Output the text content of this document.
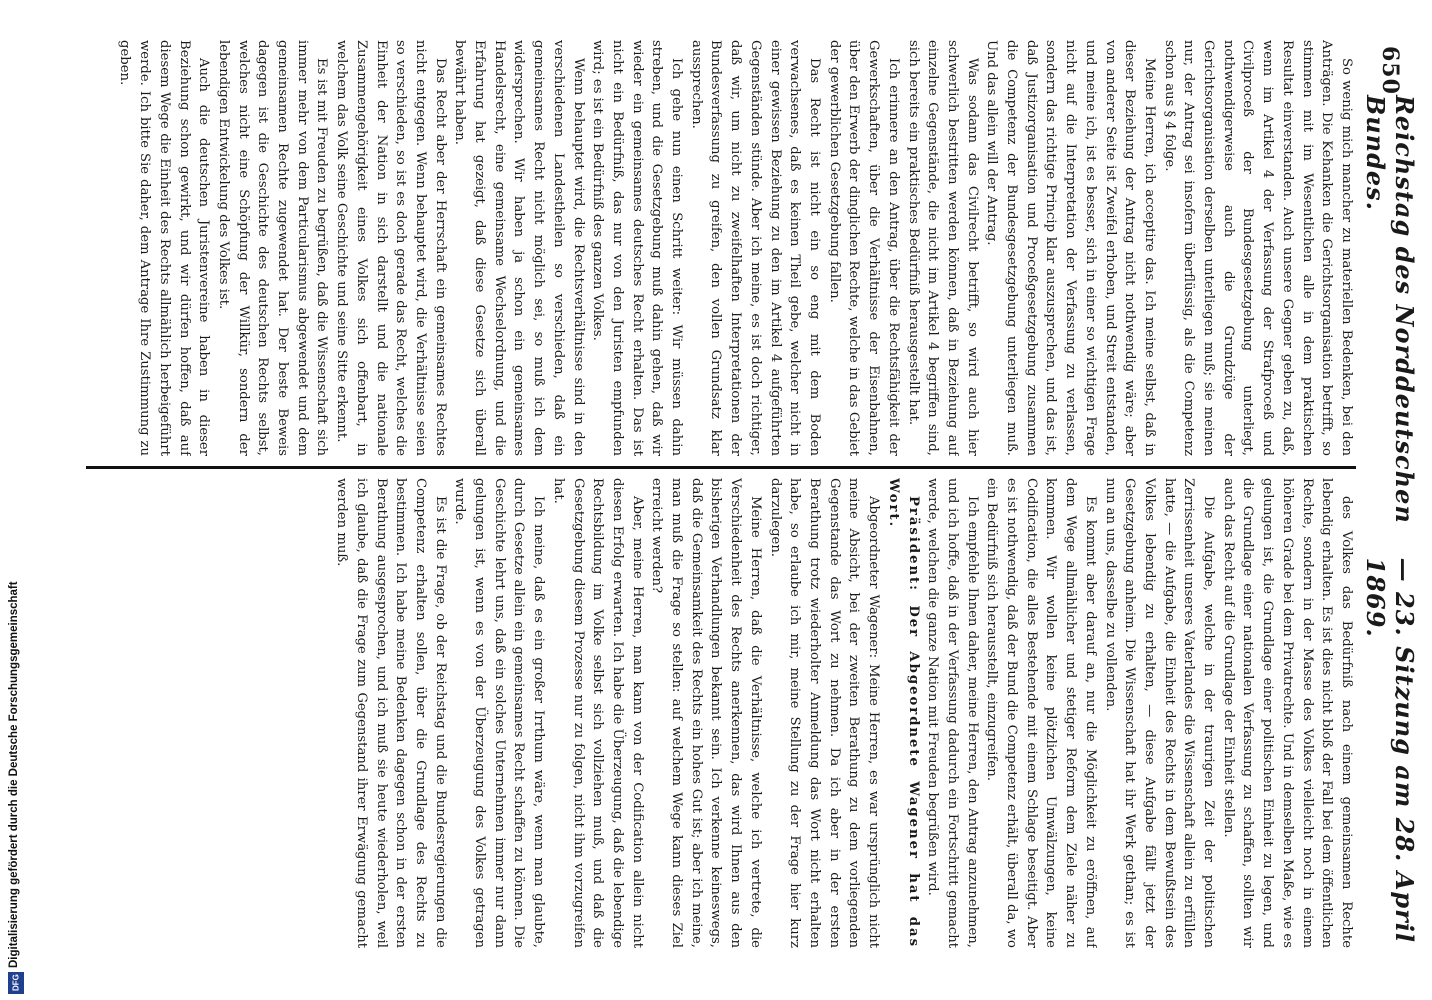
650
Reichstag des Norddeutschen Bundes.
— 23. Sitzung am 28. April 1869.

So wenig mich mancher zu materiellen Bedenken, bei den Anträgen. Die Kehanken die Gerichtsorganisation betrifft, so stimmen mit im Wesentlichen alle in dem praktischen Resultat einverstanden. Auch unsere Gegner geben zu, daß, wenn im Artikel 4 der Verfassung der Strafproceß und Civilproceß der Bundesgesetzgebung unterliegt, nothwendigerweise auch die Grundzüge der Gerichtsorganisation derselben unterliegen muß; sie meinen nur, der Antrag sei insofern überflüssig, als die Competenz schon aus § 4 folge.

Meine Herren, ich acceptire das. Ich meine selbst, daß in dieser Beziehung der Antrag nicht nothwendig wäre; aber von anderer Seite ist Zweifel erhoben, und Streit entstanden, und meine ich, ist es besser, sich in einer so wichtigen Frage nicht auf die Interpretation der Verfassung zu verlassen, sondern das richtige Princip klar auszusprechen, und das ist, daß Justizorganisation und Proceßgesetzgebung zusammen die Competenz der Bundesgesetzgebung unterliegen muß. Und das allein will der Antrag.

Was sodann das Civilrecht betrifft, so wird auch hier schwerlich bestritten werden können, daß in Beziehung auf einzelne Gegenstände, die nicht im Artikel 4 begriffen sind, sich bereits ein praktisches Bedürfniß herausgestellt hat.

Ich erinnere an den Antrag, über die Rechtsfähigkeit der Gewerkschaften, über die Verhältnisse der Eisenbahnen, über den Erwerb der dinglichen Rechte, welche in das Gebiet der gewerblichen Gesetzgebung fallen.

Das Recht ist nicht ein so eng mit dem Boden verwachsenes, daß es keinen Theil gebe, welcher nicht in einer gewissen Beziehung zu den im Artikel 4 aufgeführten Gegenständen stünde. Aber ich meine, es ist doch richtiger, daß wir, um nicht zu zweifelhaften Interpretationen der Bundesverfassung zu greifen, den vollen Grundsatz klar aussprechen.

Ich gehe nun einen Schritt weiter: Wir müssen dahin streben, und die Gesetzgebung muß dahin gehen, daß wir wieder ein gemeinsames deutsches Recht erhalten. Das ist nicht ein Bedürfniß, das nur von den Juristen empfunden wird; es ist ein Bedürfniß des ganzen Volkes.

Wenn behauptet wird, die Rechtsverhältnisse sind in den verschiedenen Landestheilen so verschieden, daß ein gemeinsames Recht nicht möglich sei, so muß ich dem widersprechen. Wir haben ja schon ein gemeinsames Handelsrecht, eine gemeinsame Wechselordnung, und die Erfahrung hat gezeigt, daß diese Gesetze sich überall bewährt haben.

Das Recht aber der Herrschaft ein gemeinsames Rechtes nicht entgegen. Wenn behauptet wird, die Verhältnisse seien so verschieden, so ist es doch gerade das Recht, welches die Einheit der Nation in sich darstellt und die nationale Zusammengehörigkeit eines Volkes sich offenbart, in welchem das Volk seine Geschichte und seine Sitte erkennt.

Es ist mit Freuden zu begrüßen, daß die Wissenschaft sich immer mehr von dem Particularismus abgewendet und dem gemeinsamen Rechte zugewendet hat. Der beste Beweis dagegen ist die Geschichte des deutschen Rechts selbst, welches nicht eine Schöpfung der Willkür, sondern der lebendigen Entwickelung des Volkes ist.

Auch die deutschen Juristenvereine haben in dieser Beziehung schon gewirkt, und wir dürfen hoffen, daß auf diesem Wege die Einheit des Rechts allmählich herbeigeführt werde. Ich bitte Sie daher, dem Antrage Ihre Zustimmung zu geben.

des Volkes das Bedürfniß nach einem gemeinsamen Rechte lebendig erhalten. Es ist dies nicht bloß der Fall bei dem öffentlichen Rechte, sondern in der Masse des Volkes vielleicht noch in einem höheren Grade bei dem Privatrechte. Und in demselben Maße, wie es gelungen ist, die Grundlage einer politischen Einheit zu legen, und die Grundlage einer nationalen Verfassung zu schaffen, sollten wir auch das Recht auf die Grundlage der Einheit stellen.

Die Aufgabe, welche in der traurigen Zeit der politischen Zerrissenheit unseres Vaterlandes die Wissenschaft allein zu erfüllen hatte, — die Aufgabe, die Einheit des Rechts in dem Bewußtsein des Volkes lebendig zu erhalten, — diese Aufgabe fällt jetzt der Gesetzgebung anheim. Die Wissenschaft hat ihr Werk gethan; es ist nun an uns, dasselbe zu vollenden.

Es kommt aber darauf an, nur die Möglichkeit zu eröffnen, auf dem Wege allmählicher und stetiger Reform dem Ziele näher zu kommen. Wir wollen keine plötzlichen Umwälzungen, keine Codification, die alles Bestehende mit einem Schlage beseitigt. Aber es ist nothwendig, daß der Bund die Competenz erhält, überall da, wo ein Bedürfniß sich herausstellt, einzugreifen.

Ich empfehle Ihnen daher, meine Herren, den Antrag anzunehmen, und ich hoffe, daß in der Verfassung dadurch ein Fortschritt gemacht werde, welchen die ganze Nation mit Freuden begrüßen wird.

Präsident: Der Abgeordnete Wagener hat das Wort.

Abgeordneter Wagener: Meine Herren, es war ursprünglich nicht meine Absicht, bei der zweiten Berathung zu dem vorliegenden Gegenstande das Wort zu nehmen. Da ich aber in der ersten Berathung trotz wiederholter Anmeldung das Wort nicht erhalten habe, so erlaube ich mir, meine Stellung zu der Frage hier kurz darzulegen.

Meine Herren, daß die Verhältnisse, welche ich vertrete, die Verschiedenheit des Rechts anerkennen, das wird Ihnen aus den bisherigen Verhandlungen bekannt sein. Ich verkenne keineswegs, daß die Gemeinsamkeit des Rechts ein hohes Gut ist; aber ich meine, man muß die Frage so stellen: auf welchem Wege kann dieses Ziel erreicht werden?

Aber, meine Herren, man kann von der Codification allein nicht diesen Erfolg erwarten. Ich habe die Überzeugung, daß die lebendige Rechtsbildung im Volke selbst sich vollziehen muß, und daß die Gesetzgebung diesem Prozesse nur zu folgen, nicht ihm vorzugreifen hat.

Ich meine, daß es ein großer Irrthum wäre, wenn man glaubte, durch Gesetze allein ein gemeinsames Recht schaffen zu können. Die Geschichte lehrt uns, daß ein solches Unternehmen immer nur dann gelungen ist, wenn es von der Überzeugung des Volkes getragen wurde.

Es ist die Frage, ob der Reichstag und die Bundesregierungen die Competenz erhalten sollen, über die Grundlage des Rechts zu bestimmen. Ich habe meine Bedenken dagegen schon in der ersten Berathung ausgesprochen, und ich muß sie heute wiederholen, weil ich glaube, daß die Frage zum Gegenstand ihrer Erwägung gemacht werden muß.

Digitalisierung gefördert durch die Deutsche Forschungsgemeinschaft
DFG
